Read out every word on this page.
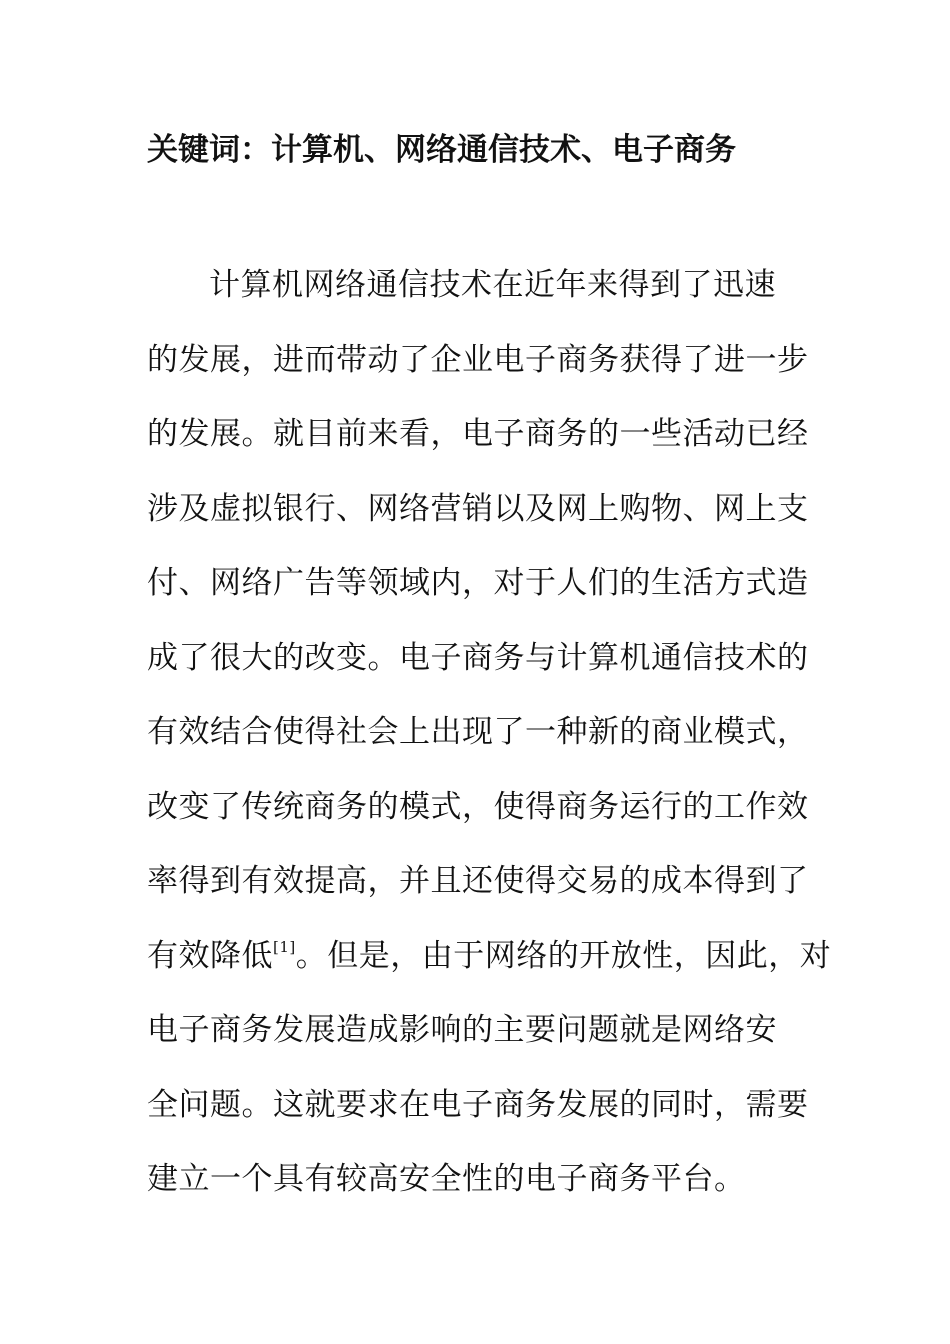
关键词：计算机、网络通信技术、电子商务
计算机网络通信技术在近年来得到了迅速
的发展，进而带动了企业电子商务获得了进一步
的发展。就目前来看，电子商务的一些活动已经
涉及虚拟银行、网络营销以及网上购物、网上支
付、网络广告等领域内，对于人们的生活方式造
成了很大的改变。电子商务与计算机通信技术的
有效结合使得社会上出现了一种新的商业模式，
改变了传统商务的模式，使得商务运行的工作效
率得到有效提高，并且还使得交易的成本得到了
有效降低[1]。但是，由于网络的开放性，因此，对
电子商务发展造成影响的主要问题就是网络安
全问题。这就要求在电子商务发展的同时，需要
建立一个具有较高安全性的电子商务平台。
